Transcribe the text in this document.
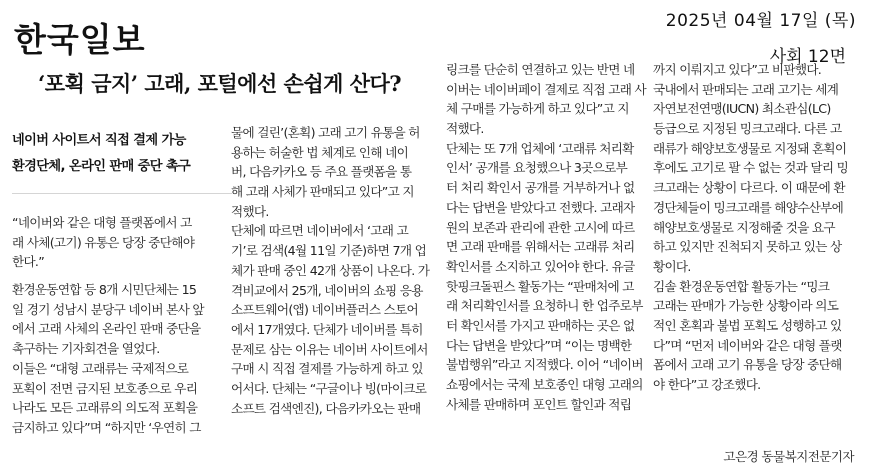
한국일보	2025년 04월 17일 (목)
사회 12면
‘포획 금지’ 고래, 포털에선 손쉽게 산다?
네이버 사이트서 직접 결제 가능
환경단체, 온라인 판매 중단 촉구
“네이버와 같은 대형 플랫폼에서 고
래 사체(고기) 유통은 당장 중단해야
한다.”
환경운동연합 등 8개 시민단체는 15
일 경기 성남시 분당구 네이버 본사 앞
에서 고래 사체의 온라인 판매 중단을
촉구하는 기자회견을 열었다.
이들은 “대형 고래류는 국제적으로
포획이 전면 금지된 보호종으로 우리
나라도 모든 고래류의 의도적 포획을
금지하고 있다”며 “하지만 ‘우연히 그
물에 걸린’(혼획) 고래 고기 유통을 허
용하는 허술한 법 체계로 인해 네이
버, 다음카카오 등 주요 플랫폼을 통
해 고래 사체가 판매되고 있다”고 지
적했다.
단체에 따르면 네이버에서 ‘고래 고
기’로 검색(4월 11일 기준)하면 7개 업
체가 판매 중인 42개 상품이 나온다. 가
격비교에서 25개, 네이버의 쇼핑 응용
소프트웨어(앱) 네이버플러스 스토어
에서 17개였다. 단체가 네이버를 특히
문제로 삼는 이유는 네이버 사이트에서
구매 시 직접 결제를 가능하게 하고 있
어서다. 단체는 “구글이나 빙(마이크로
소프트 검색엔진), 다음카카오는 판매
링크를 단순히 연결하고 있는 반면 네
이버는 네이버페이 결제로 직접 고래 사
체 구매를 가능하게 하고 있다”고 지
적했다.
단체는 또 7개 업체에 ‘고래류 처리확
인서’ 공개를 요청했으나 3곳으로부
터 처리 확인서 공개를 거부하거나 없
다는 답변을 받았다고 전했다. 고래자
원의 보존과 관리에 관한 고시에 따르
면 고래 판매를 위해서는 고래류 처리
확인서를 소지하고 있어야 한다. 유글
핫핑크돌핀스 활동가는 “판매처에 고
래 처리확인서를 요청하니 한 업주로부
터 확인서를 가지고 판매하는 곳은 없
다는 답변을 받았다”며 “이는 명백한
불법행위”라고 지적했다. 이어 “네이버
쇼핑에서는 국제 보호종인 대형 고래의
사체를 판매하며 포인트 할인과 적립
까지 이뤄지고 있다”고 비판했다.
국내에서 판매되는 고래 고기는 세계
자연보전연맹(IUCN) 최소관심(LC)
등급으로 지정된 밍크고래다. 다른 고
래류가 해양보호생물로 지정돼 혼획이
후에도 고기로 팔 수 없는 것과 달리 밍
크고래는 상황이 다르다. 이 때문에 환
경단체들이 밍크고래를 해양수산부에
해양보호생물로 지정해줄 것을 요구
하고 있지만 진척되지 못하고 있는 상
황이다.
김솔 환경운동연합 활동가는 “밍크
고래는 판매가 가능한 상황이라 의도
적인 혼획과 불법 포획도 성행하고 있
다”며 “먼저 네이버와 같은 대형 플랫
폼에서 고래 고기 유통을 당장 중단해
야 한다”고 강조했다.
고은경 동물복지전문기자
